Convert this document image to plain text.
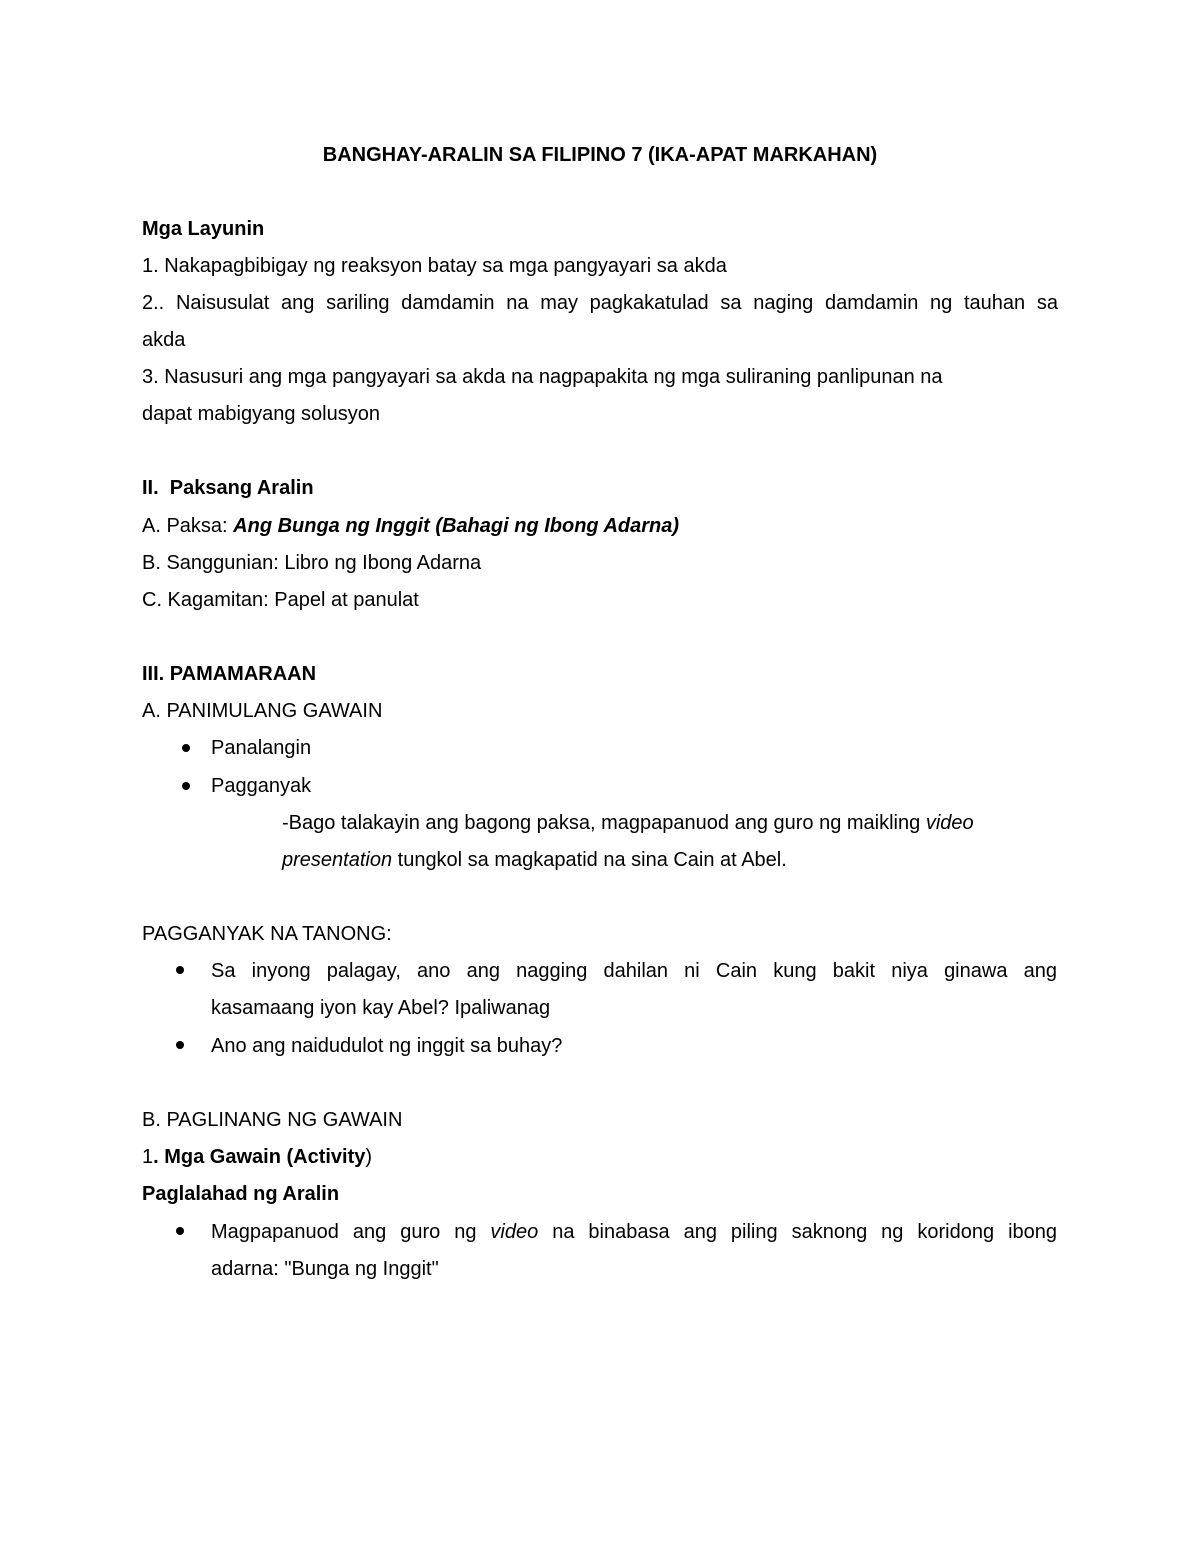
BANGHAY-ARALIN SA FILIPINO 7 (IKA-APAT MARKAHAN)
Mga Layunin
1. Nakapagbibigay ng reaksyon batay sa mga pangyayari sa akda
2.. Naisusulat ang sariling damdamin na may pagkakatulad sa naging damdamin ng tauhan sa
akda
3. Nasusuri ang mga pangyayari sa akda na nagpapakita ng mga suliraning panlipunan na
dapat mabigyang solusyon
II.  Paksang Aralin
A. Paksa: Ang Bunga ng Inggit (Bahagi ng Ibong Adarna)
B. Sanggunian: Libro ng Ibong Adarna
C. Kagamitan: Papel at panulat
III. PAMAMARAAN
A. PANIMULANG GAWAIN
Panalangin
Pagganyak
-Bago talakayin ang bagong paksa, magpapanuod ang guro ng maikling video
presentation tungkol sa magkapatid na sina Cain at Abel.
PAGGANYAK NA TANONG:
Sa inyong palagay, ano ang nagging dahilan ni Cain kung bakit niya ginawa ang
kasamaang iyon kay Abel? Ipaliwanag
Ano ang naidudulot ng inggit sa buhay?
B. PAGLINANG NG GAWAIN
1. Mga Gawain (Activity)
Paglalahad ng Aralin
Magpapanuod ang guro ng video na binabasa ang piling saknong ng koridong ibong
adarna: "Bunga ng Inggit"
